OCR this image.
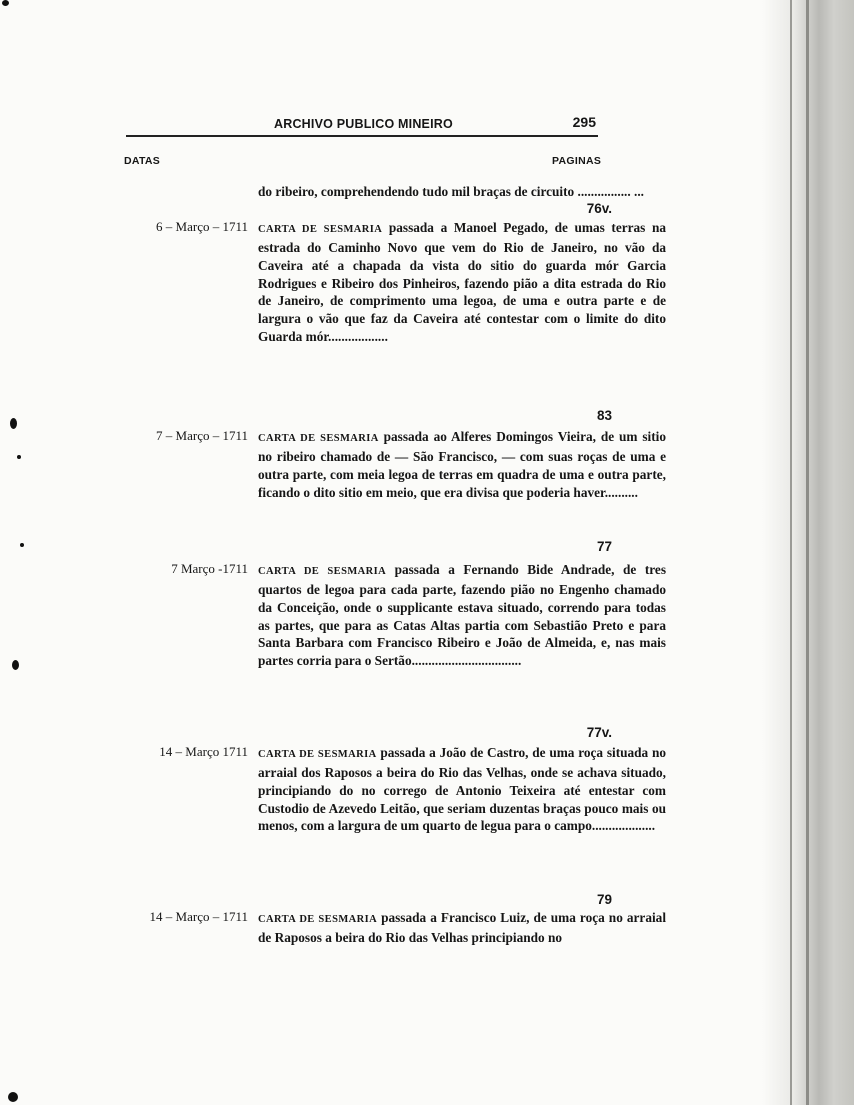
ARCHIVO PUBLICO MINEIRO	295
DATAS	PAGINAS
do ribeiro, comprehendendo tudo mil braças de circuito ................ ...
76v.
6 – Março – 1711 CARTA DE SESMARIA passada a Manoel Pegado, de umas terras na estrada do Caminho Novo que vem do Rio de Janeiro, no vão da Caveira até a chapada da vista do sitio do guarda mór Garcia Rodrigues e Ribeiro dos Pinheiros, fazendo pião a dita estrada do Rio de Janeiro, de comprimento uma legoa, de uma e outra parte e de largura o vão que faz da Caveira até contestar com o limite do dito Guarda mór..................
83
7 – Março – 1711 CARTA DE SESMARIA passada ao Alferes Domingos Vieira, de um sitio no ribeiro chamado de — São Francisco, — com suas roças de uma e outra parte, com meia legoa de terras em quadra de uma e outra parte, ficando o dito sitio em meio, que era divisa que poderia haver..........
77
7 Março -1711 CARTA DE SESMARIA passada a Fernando Bide Andrade, de tres quartos de legoa para cada parte, fazendo pião no Engenho chamado da Conceição, onde o supplicante estava situado, correndo para todas as partes, que para as Catas Altas partia com Sebastião Preto e para Santa Barbara com Francisco Ribeiro e João de Almeida, e, nas mais partes corria para o Sertão.................................
77v.
14 – Março 1711 CARTA DE SESMARIA passada a João de Castro, de uma roça situada no arraial dos Raposos a beira do Rio das Velhas, onde se achava situado, principiando do no corrego de Antonio Teixeira até entestar com Custodio de Azevedo Leitão, que seriam duzentas braças pouco mais ou menos, com a largura de um quarto de legua para o campo...................
79
14 – Março – 1711 CARTA DE SESMARIA passada a Francisco Luiz, de uma roça no arraial de Raposos a beira do Rio das Velhas principiando no
